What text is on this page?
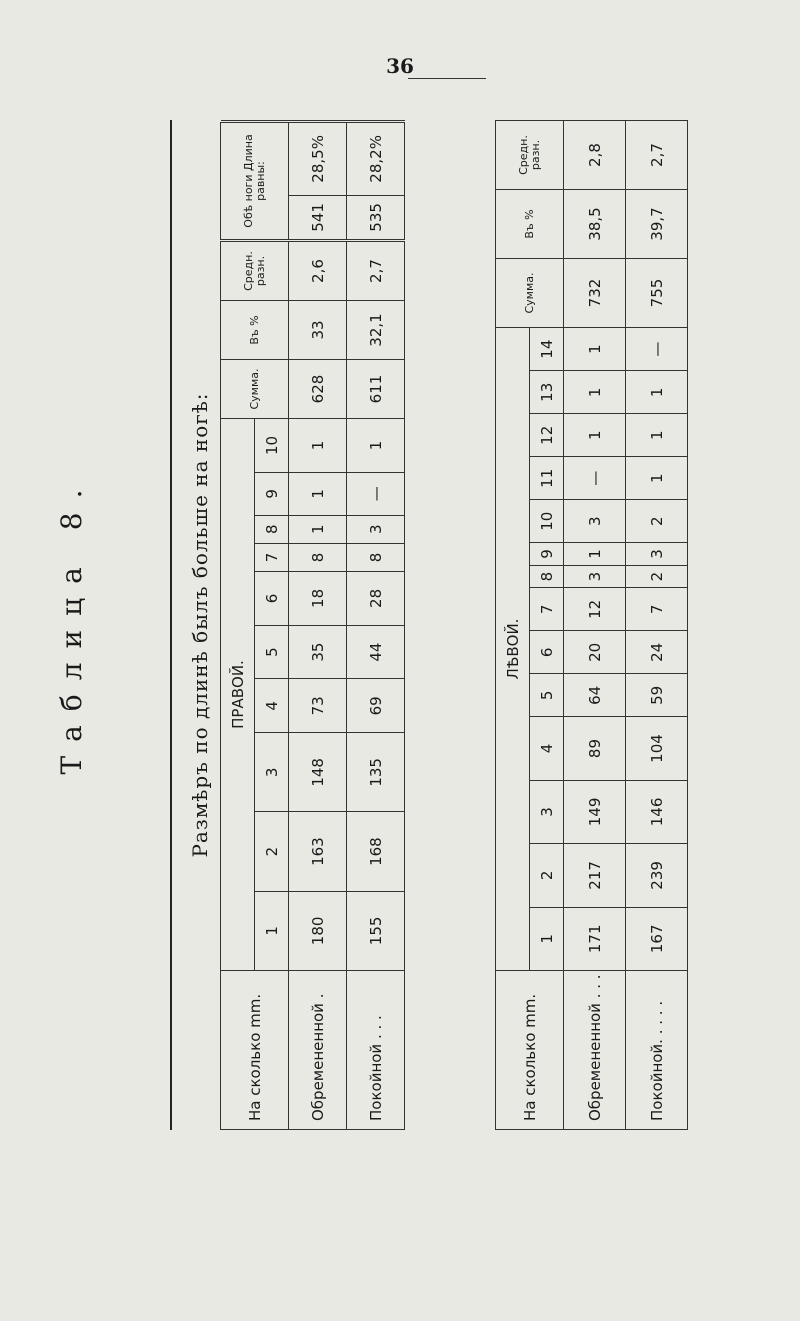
36
Таблица 8.	Размѣръ по длинѣ былъ больше на ногѣ:
На сколько mm.	ПРАВОЙ.										Сумма.	Въ %	Средн. разн.	
	1	2	3	4	5	6	7	8	9	10				
Обремененной .	180	163	148	73	35	18	8	1	1	1	628	33	2,6	
Покойной . . .	155	168	135	69	44	28	8	3	—	1	611	32,1	2,7	
Обѣ ноги Длина равны:	
541	28,5%
535	28,2%
На сколько mm.	ЛѢВОЙ.														Сумма.	Въ %	Средн. разн.
	1	2	3	4	5	6	7	8	9	10	11	12	13	14			
Обремененной . . .	171	217	149	89	64	20	12	3	1	3	—	1	1	1	732	38,5	2,8
Покойной. . . . .	167	239	146	104	59	24	7	2	3	2	1	1	1	—	755	39,7	2,7
